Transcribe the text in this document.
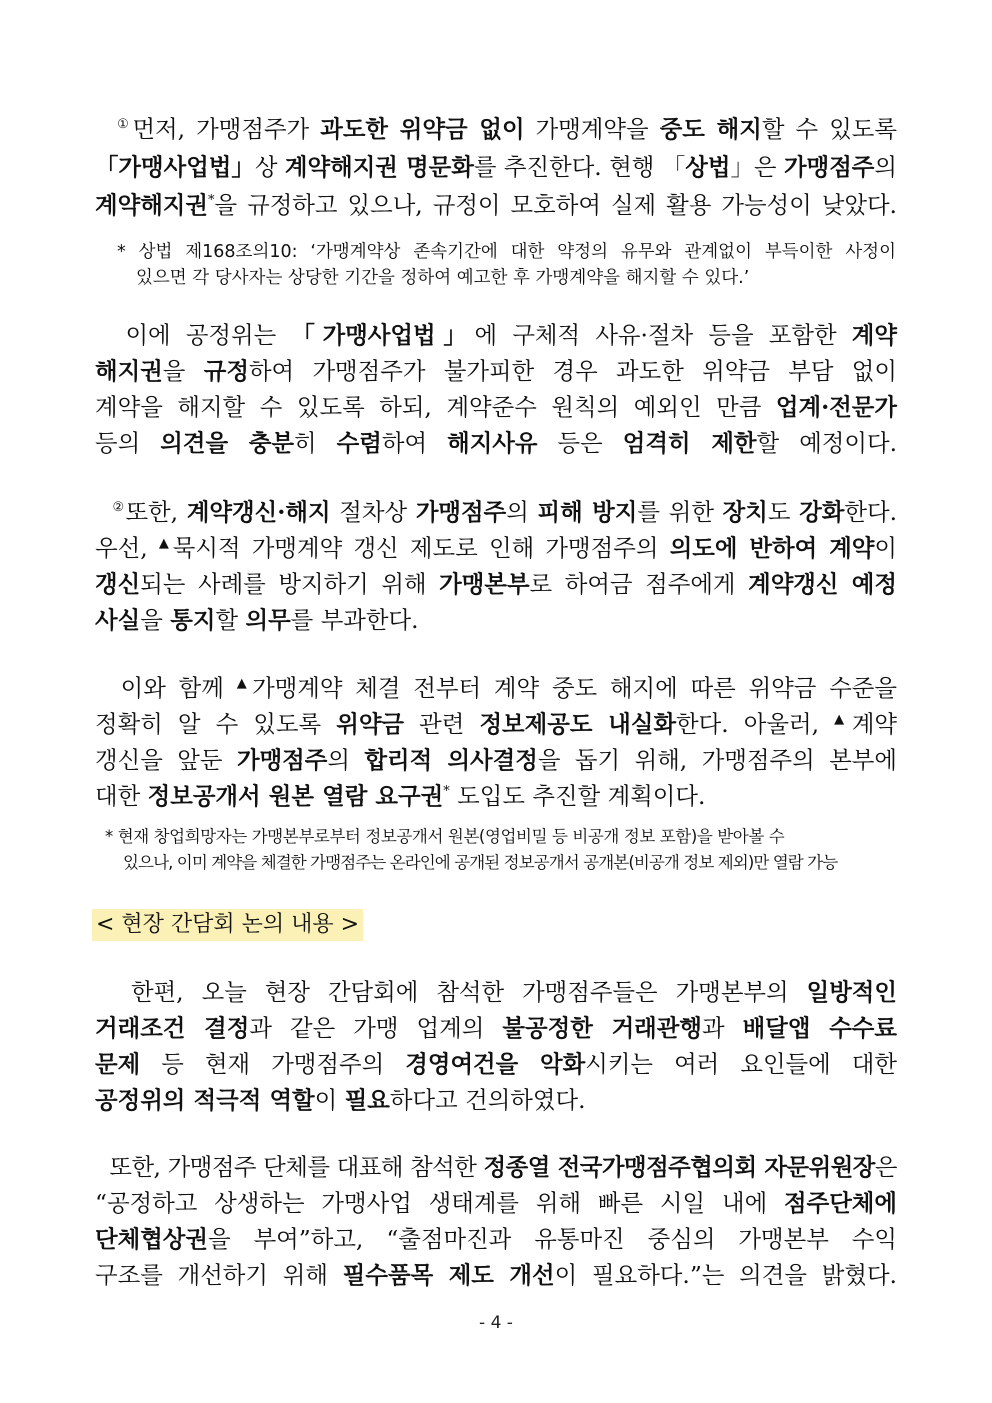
①먼저, 가맹점주가 과도한 위약금 없이 가맹계약을 중도 해지할 수 있도록
「가맹사업법」상 계약해지권 명문화를 추진한다. 현행 「상법」은 가맹점주의
계약해지권*을 규정하고 있으나, 규정이 모호하여 실제 활용 가능성이 낮았다.
* 상법 제168조의10: ‘가맹계약상 존속기간에 대한 약정의 유무와 관계없이 부득이한 사정이
있으면 각 당사자는 상당한 기간을 정하여 예고한 후 가맹계약을 해지할 수 있다.’
이에 공정위는 「가맹사업법」에 구체적 사유·절차 등을 포함한 계약
해지권을 규정하여 가맹점주가 불가피한 경우 과도한 위약금 부담 없이
계약을 해지할 수 있도록 하되, 계약준수 원칙의 예외인 만큼 업계·전문가
등의 의견을 충분히 수렴하여 해지사유 등은 엄격히 제한할 예정이다.
②또한, 계약갱신·해지 절차상 가맹점주의 피해 방지를 위한 장치도 강화한다.
우선, ▲묵시적 가맹계약 갱신 제도로 인해 가맹점주의 의도에 반하여 계약이
갱신되는 사례를 방지하기 위해 가맹본부로 하여금 점주에게 계약갱신 예정
사실을 통지할 의무를 부과한다.
이와 함께 ▲가맹계약 체결 전부터 계약 중도 해지에 따른 위약금 수준을
정확히 알 수 있도록 위약금 관련 정보제공도 내실화한다. 아울러, ▲계약
갱신을 앞둔 가맹점주의 합리적 의사결정을 돕기 위해, 가맹점주의 본부에
대한 정보공개서 원본 열람 요구권* 도입도 추진할 계획이다.
* 현재 창업희망자는 가맹본부로부터 정보공개서 원본(영업비밀 등 비공개 정보 포함)을 받아볼 수
있으나, 이미 계약을 체결한 가맹점주는 온라인에 공개된 정보공개서 공개본(비공개 정보 제외)만 열람 가능
< 현장 간담회 논의 내용 >
한편, 오늘 현장 간담회에 참석한 가맹점주들은 가맹본부의 일방적인
거래조건 결정과 같은 가맹 업계의 불공정한 거래관행과 배달앱 수수료
문제 등 현재 가맹점주의 경영여건을 악화시키는 여러 요인들에 대한
공정위의 적극적 역할이 필요하다고 건의하였다.
또한, 가맹점주 단체를 대표해 참석한 정종열 전국가맹점주협의회 자문위원장은
“공정하고 상생하는 가맹사업 생태계를 위해 빠른 시일 내에 점주단체에
단체협상권을 부여”하고, “출점마진과 유통마진 중심의 가맹본부 수익
구조를 개선하기 위해 필수품목 제도 개선이 필요하다.”는 의견을 밝혔다.
- 4 -
